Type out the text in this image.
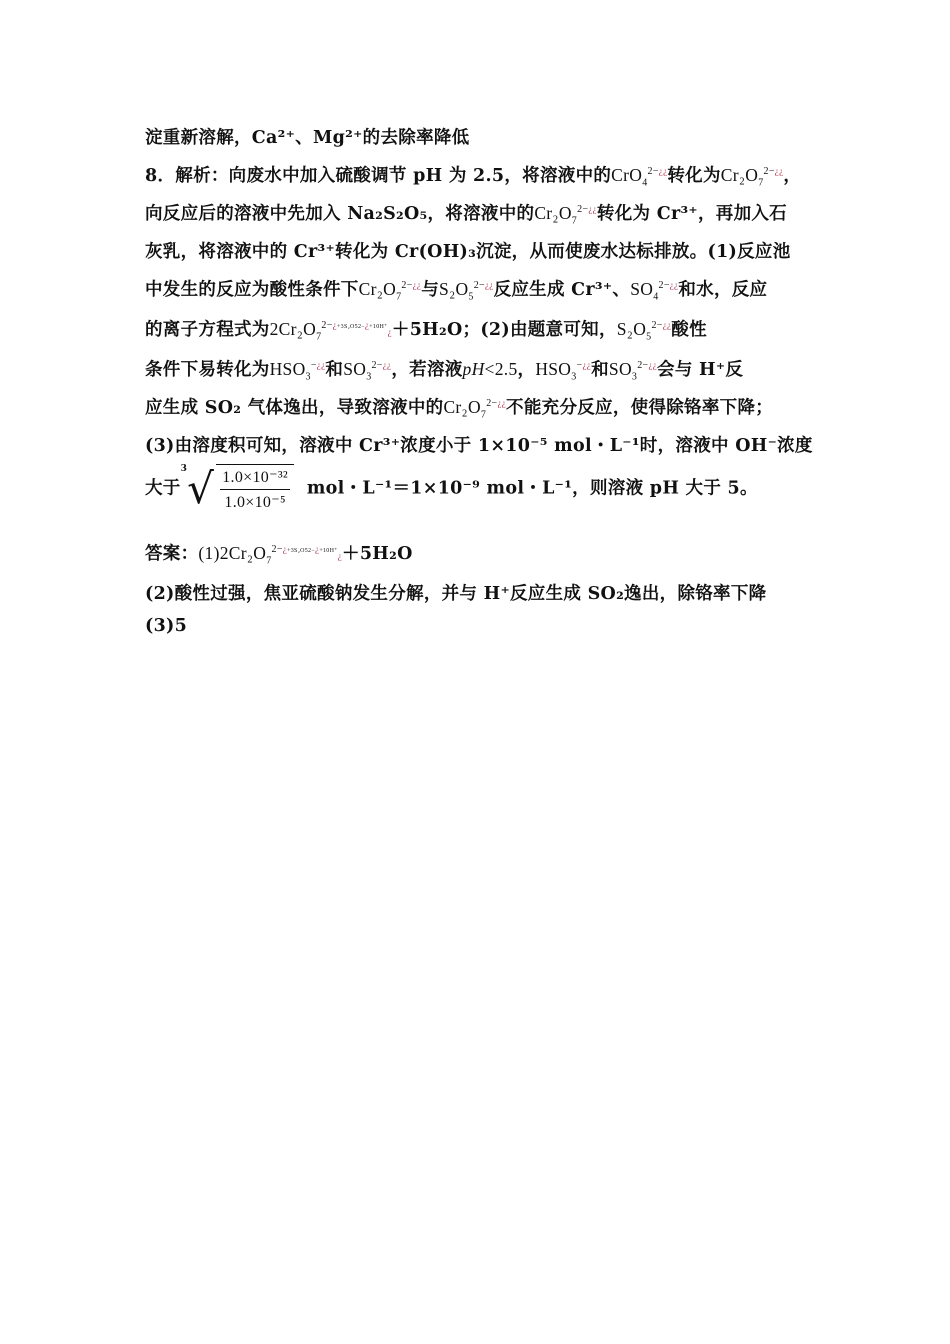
淀重新溶解，Ca²⁺、Mg²⁺的去除率降低
8．解析：向废水中加入硫酸调节 pH 为 2.5，将溶液中的CrO$_4^{2-¿¿}$转化为$Cr_2O_7^{2-¿¿}$，
向反应后的溶液中先加入 Na₂S₂O₅，将溶液中的$Cr_2O_7^{2-¿¿}$转化为 Cr³⁺，再加入石
灰乳，将溶液中的 Cr³⁺转化为 Cr(OH)₃沉淀，从而使废水达标排放。(1)反应池
中发生的反应为酸性条件下$Cr_2O_7^{2-¿¿}$与$S_2O_5^{2-¿¿}$反应生成 Cr³⁺、$SO_4^{2-¿¿}$和水，反应
的离子方程式为$2Cr_2O_7^{2-¿+3S_2O52-¿+10H^+}¿+5H_2O$；(2)由题意可知，$S_2O_5^{2-¿¿}$酸性
条件下易转化为$HSO_3^{-¿¿}$和$SO_3^{2-¿¿}$，若溶液pH<2.5，$HSO_3^{-¿¿}$和$SO_3^{2-¿¿}$会与 H⁺反
应生成 SO₂ 气体逸出，导致溶液中的$Cr_2O_7^{2-¿¿}$不能充分反应，使得除铬率下降；
(3)由溶度积可知，溶液中 Cr³⁺浓度小于 1×10⁻⁵ mol・L⁻¹时，溶液中 OH⁻浓度
大于$^3√ \frac{\text{1.0×10⁻³²}}{\text{1.0×10⁻⁵}}$ mol・L⁻¹＝1×10⁻⁹ mol・L⁻¹，则溶液 pH 大于 5。
答案：$(1)2Cr_2O_7^{2-¿+3S_2O52-¿+10H^+}¿+5H_2O$
(2)酸性过强，焦亚硫酸钠发生分解，并与 H⁺反应生成 SO₂逸出，除铬率下降
(3)5
